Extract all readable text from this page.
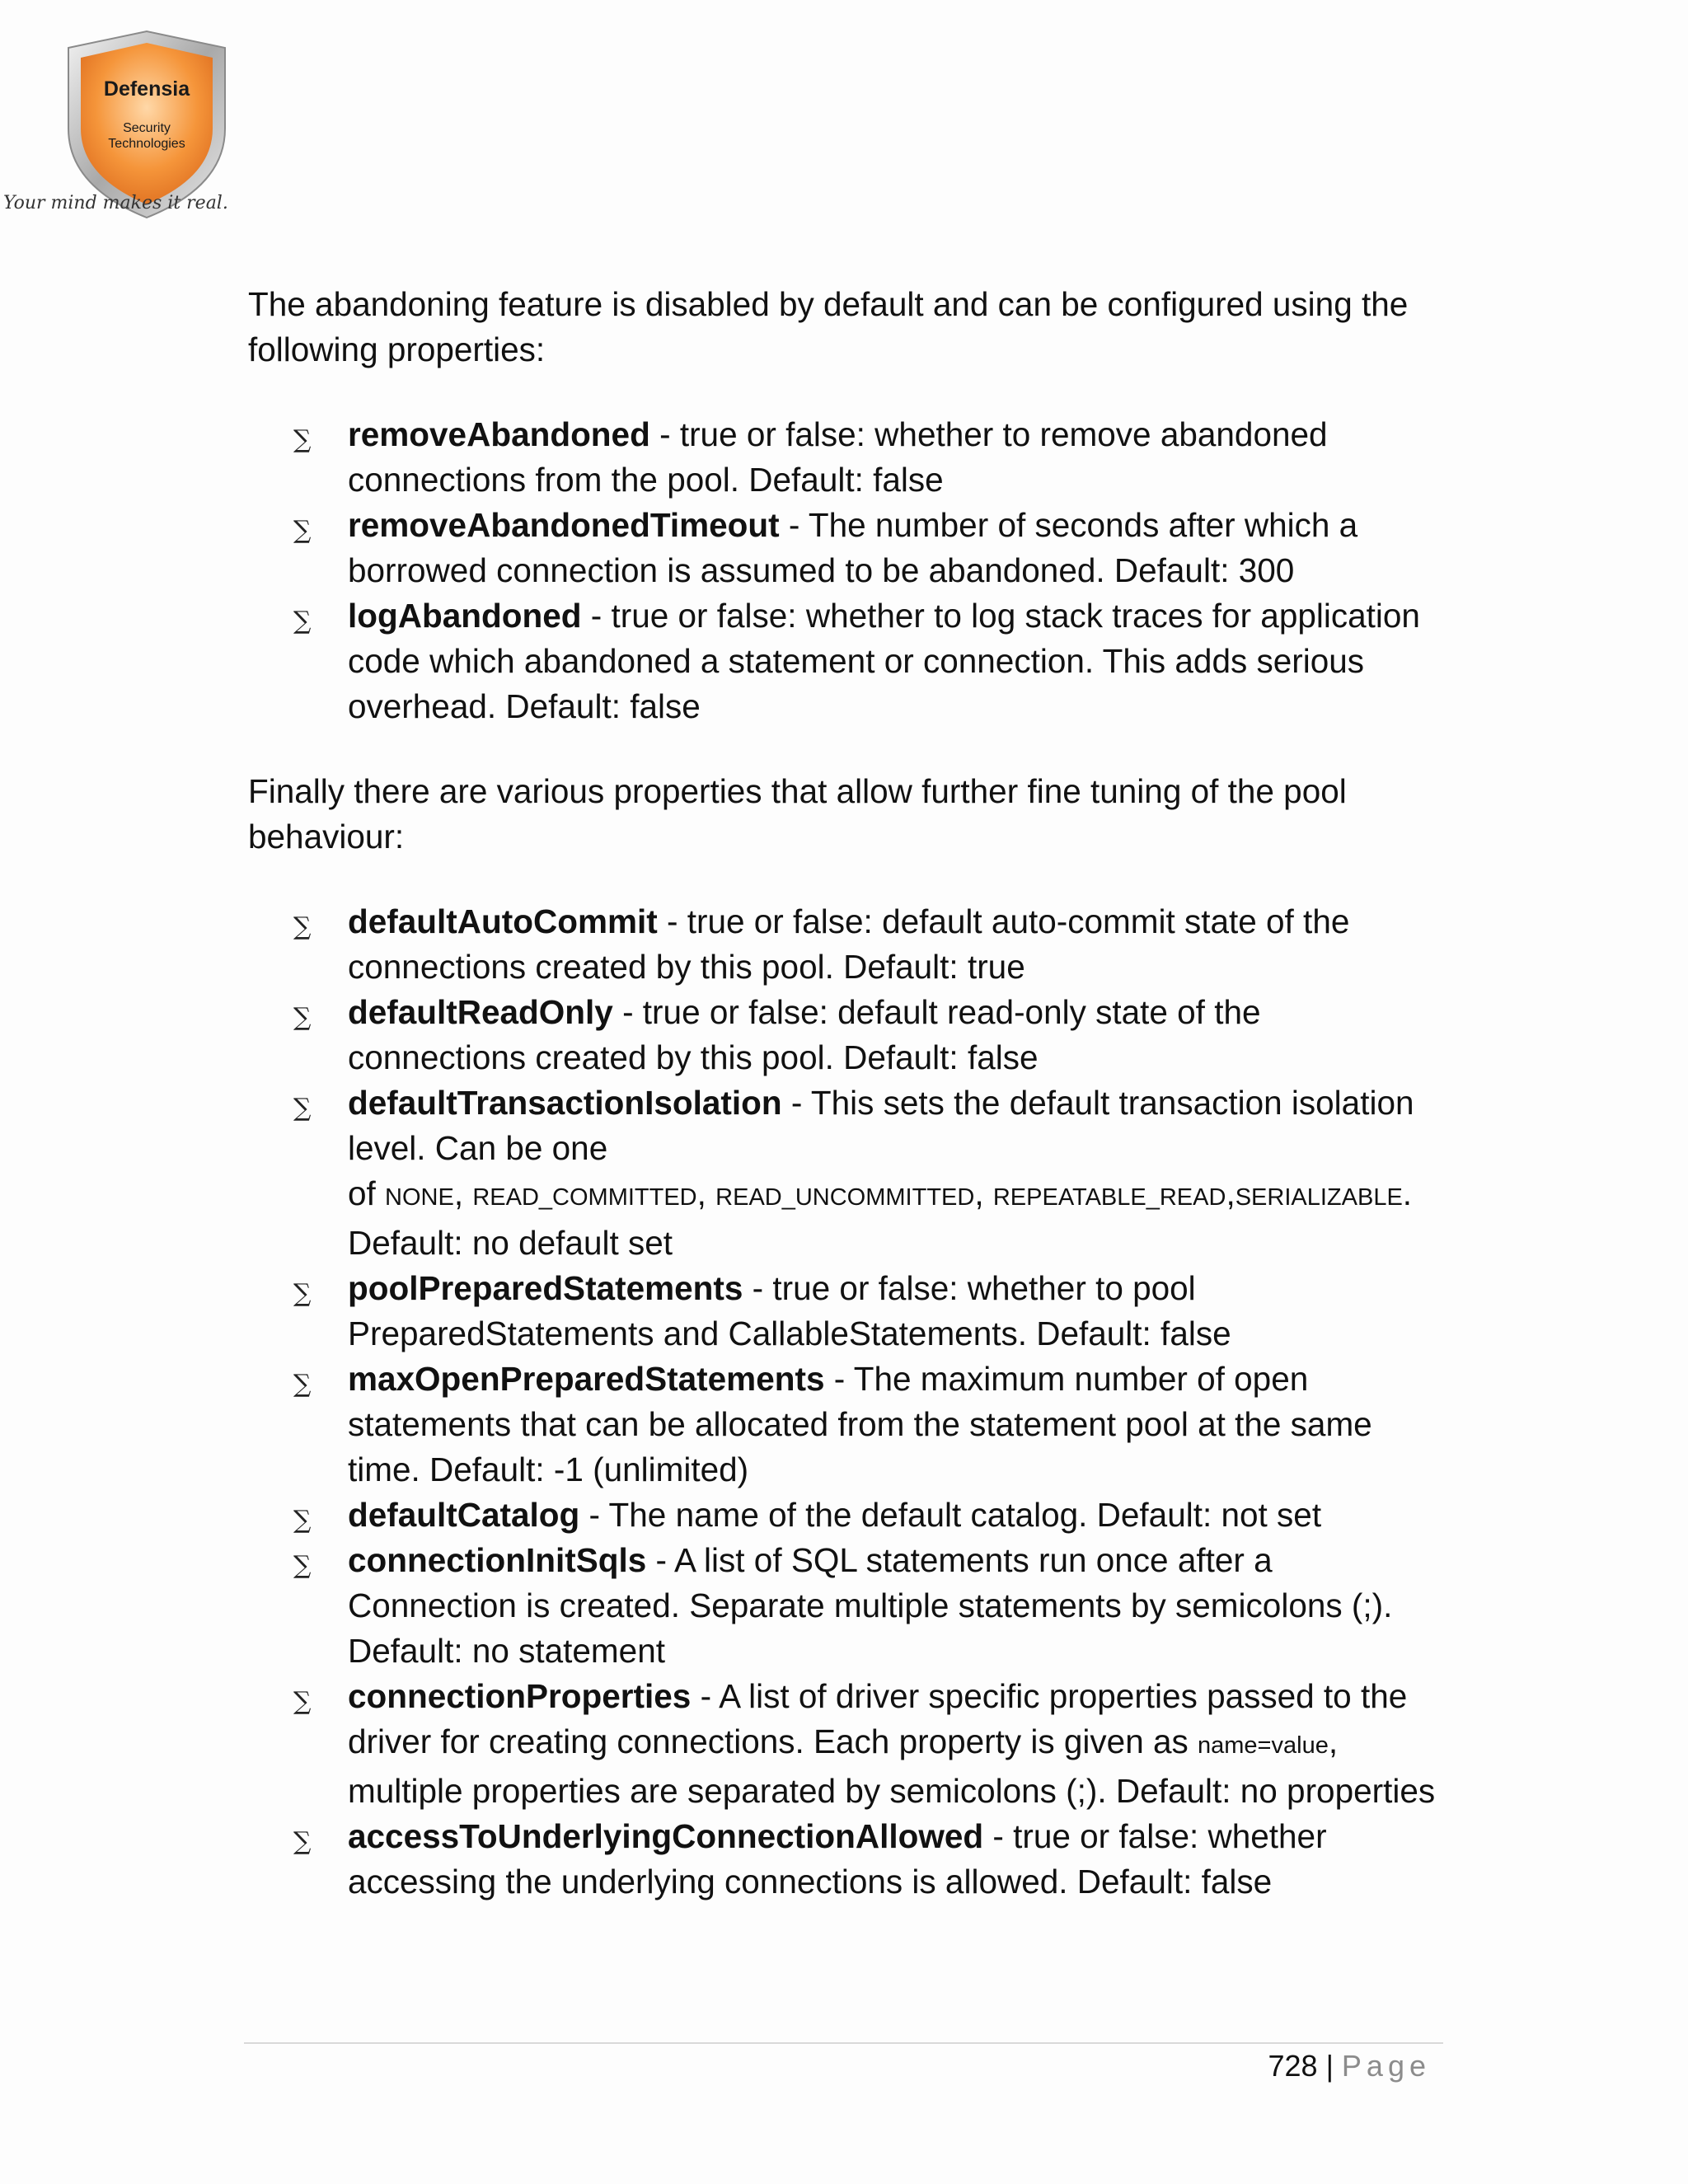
Defensia
Security
Technologies
Your mind makes it real.

The abandoning feature is disabled by default and can be configured using the following properties:

∑ removeAbandoned - true or false: whether to remove abandoned connections from the pool. Default: false
∑ removeAbandonedTimeout - The number of seconds after which a borrowed connection is assumed to be abandoned. Default: 300
∑ logAbandoned - true or false: whether to log stack traces for application code which abandoned a statement or connection. This adds serious overhead. Default: false

Finally there are various properties that allow further fine tuning of the pool behaviour:

∑ defaultAutoCommit - true or false: default auto-commit state of the connections created by this pool. Default: true
∑ defaultReadOnly - true or false: default read-only state of the connections created by this pool. Default: false
∑ defaultTransactionIsolation - This sets the default transaction isolation level. Can be one
of NONE, READ_COMMITTED, READ_UNCOMMITTED, REPEATABLE_READ,SERIALIZABLE.
Default: no default set
∑ poolPreparedStatements - true or false: whether to pool PreparedStatements and CallableStatements. Default: false
∑ maxOpenPreparedStatements - The maximum number of open statements that can be allocated from the statement pool at the same time. Default: -1 (unlimited)
∑ defaultCatalog - The name of the default catalog. Default: not set
∑ connectionInitSqls - A list of SQL statements run once after a Connection is created. Separate multiple statements by semicolons (;). Default: no statement
∑ connectionProperties - A list of driver specific properties passed to the driver for creating connections. Each property is given as name=value, multiple properties are separated by semicolons (;). Default: no properties
∑ accessToUnderlyingConnectionAllowed - true or false: whether accessing the underlying connections is allowed. Default: false
728 | Page
